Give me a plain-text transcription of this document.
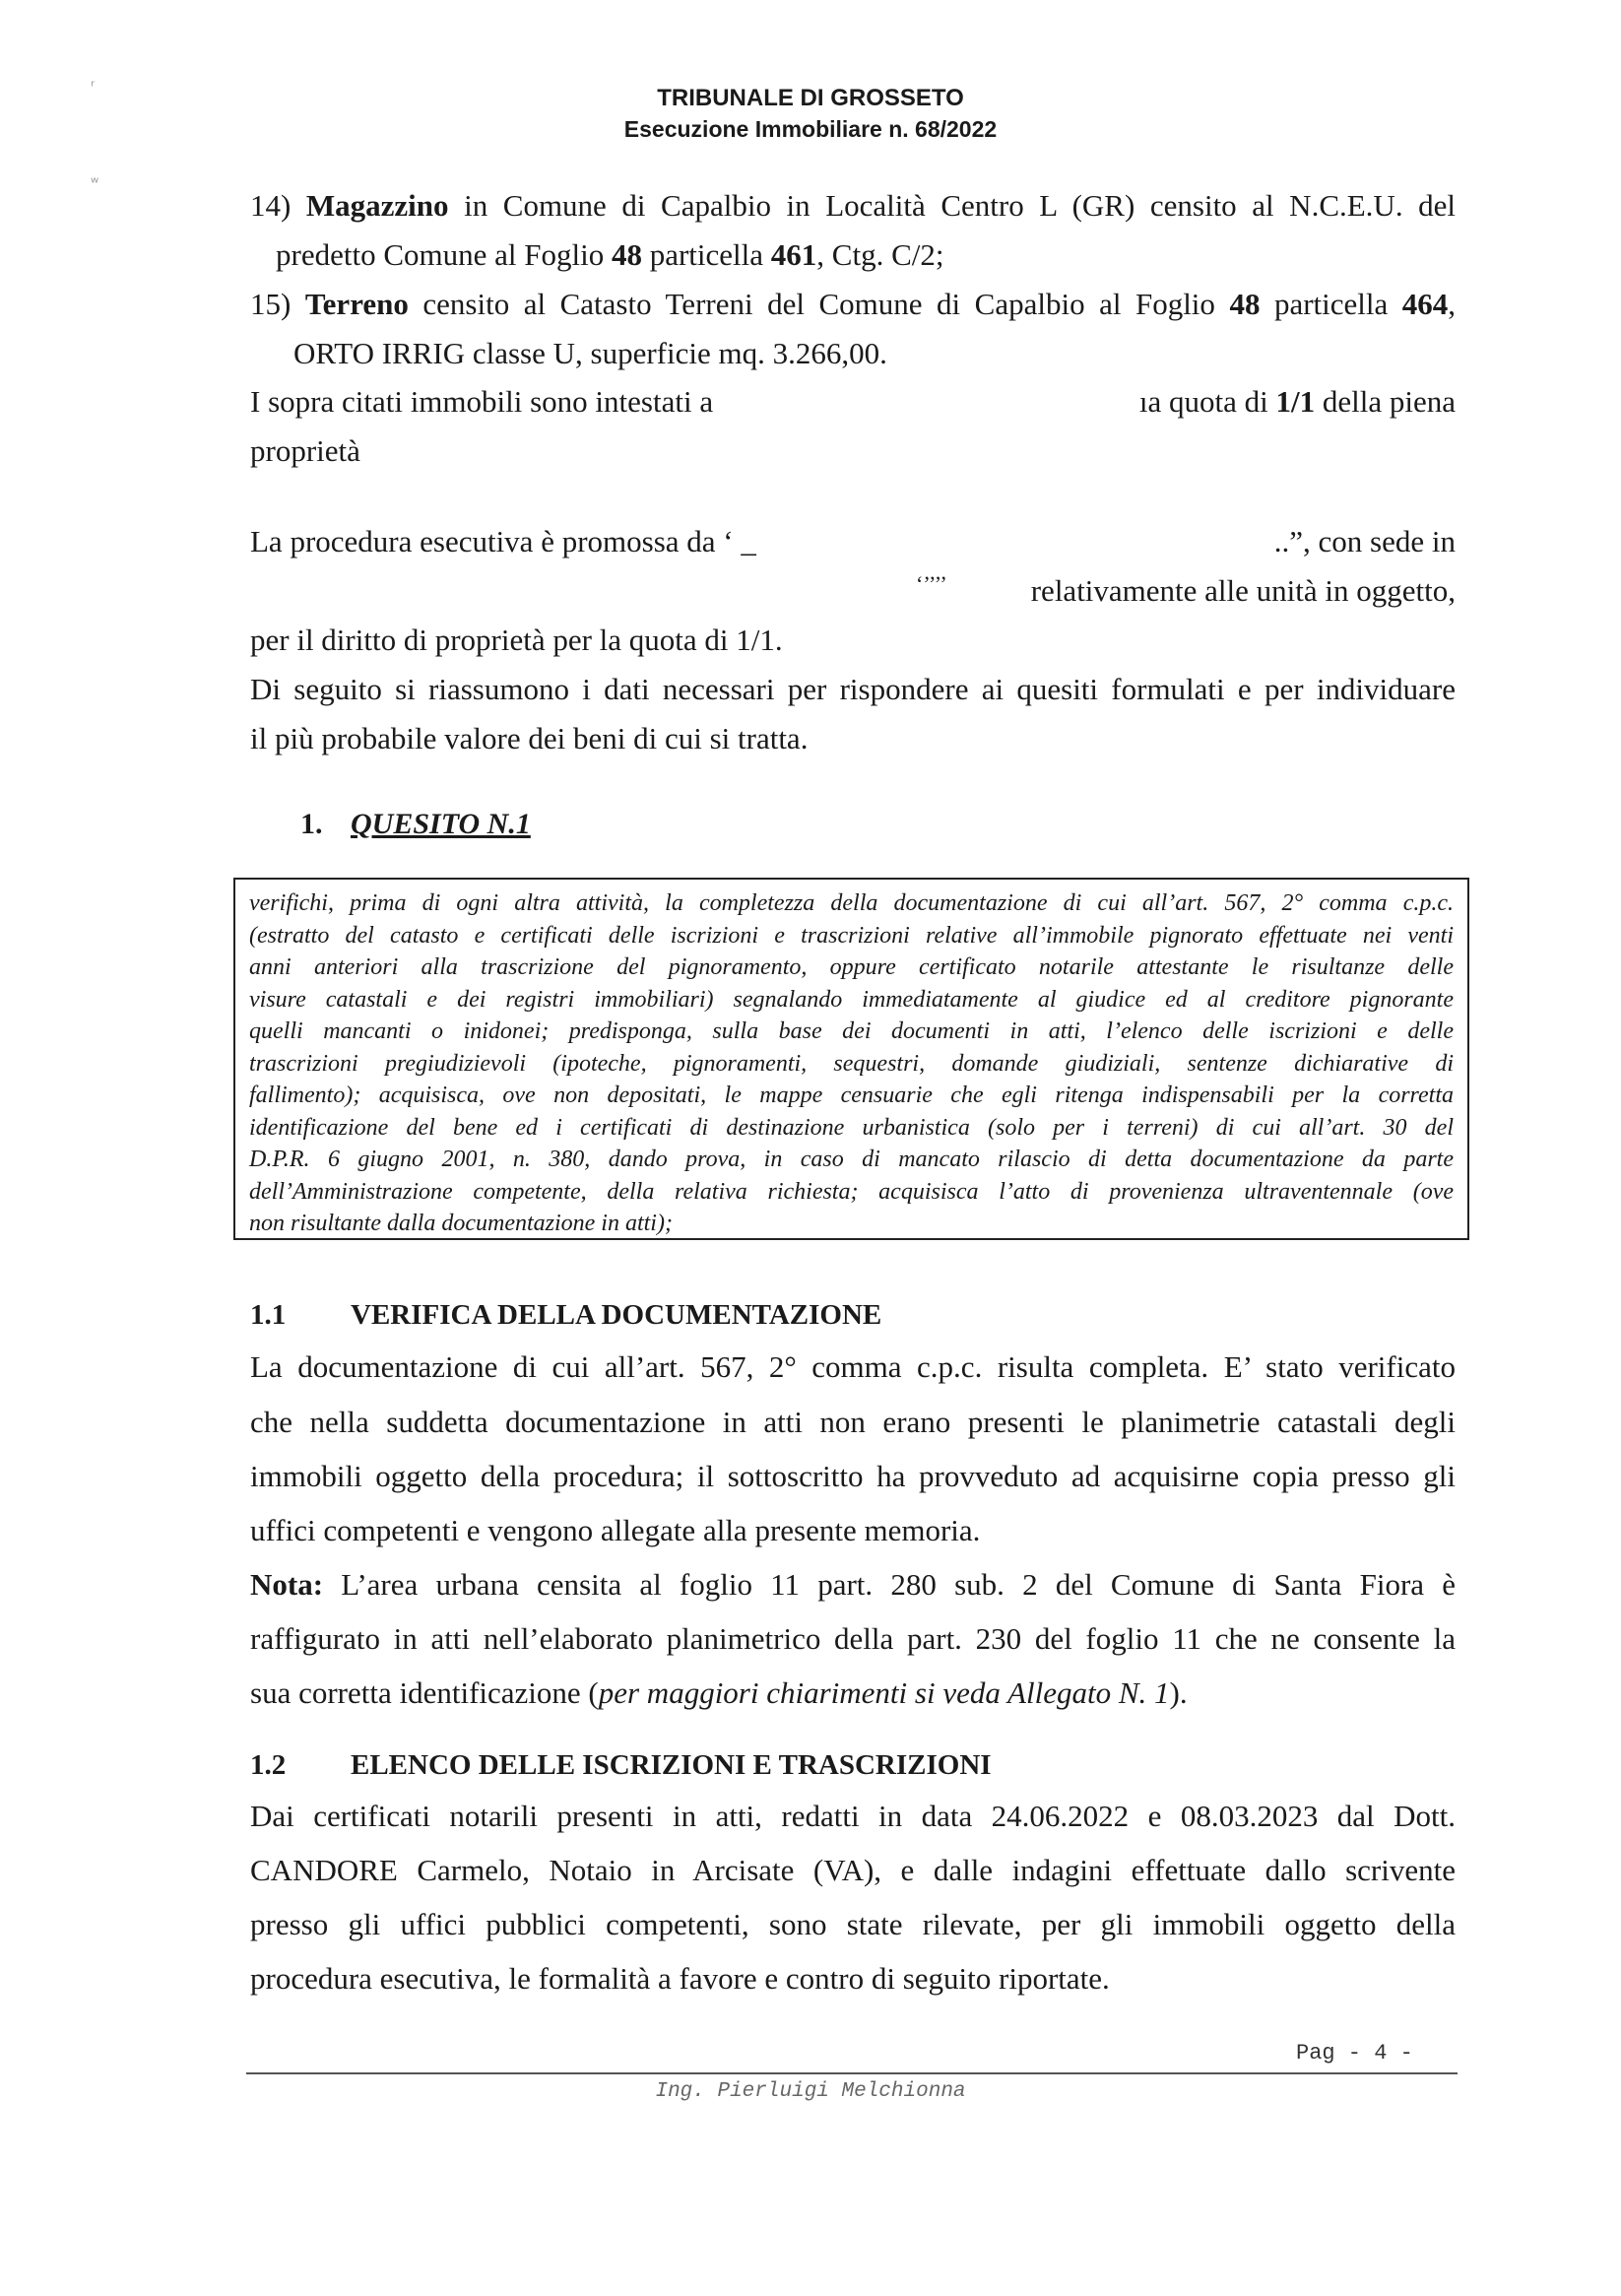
ʳ
ʷ
TRIBUNALE DI GROSSETO
Esecuzione Immobiliare n. 68/2022
14) Magazzino in Comune di Capalbio in Località Centro L (GR) censito al N.C.E.U. del
predetto Comune al Foglio 48 particella 461, Ctg. C/2;
15) Terreno censito al Catasto Terreni del Comune di Capalbio al Foglio 48 particella 464,
ORTO IRRIG classe U, superficie mq. 3.266,00.
I sopra citati immobili sono intestati a	ıa quota di 1/1 della piena
proprietà
La procedura esecutiva è promossa da ‘ _	..”, con sede in
‘’’’’	relativamente alle unità in oggetto,
per il diritto di proprietà per la quota di 1/1.
Di seguito si riassumono i dati necessari per rispondere ai quesiti formulati e per individuare
il più probabile valore dei beni di cui si tratta.
1. QUESITO N.1
verifichi, prima di ogni altra attività, la completezza della documentazione di cui all’art. 567, 2° comma c.p.c.
(estratto del catasto e certificati delle iscrizioni e trascrizioni relative all’immobile pignorato effettuate nei venti
anni anteriori alla trascrizione del pignoramento, oppure certificato notarile attestante le risultanze delle
visure catastali e dei registri immobiliari) segnalando immediatamente al giudice ed al creditore pignorante
quelli mancanti o inidonei; predisponga, sulla base dei documenti in atti, l’elenco delle iscrizioni e delle
trascrizioni pregiudizievoli (ipoteche, pignoramenti, sequestri, domande giudiziali, sentenze dichiarative di
fallimento); acquisisca, ove non depositati, le mappe censuarie che egli ritenga indispensabili per la corretta
identificazione del bene ed i certificati di destinazione urbanistica (solo per i terreni) di cui all’art. 30 del
D.P.R. 6 giugno 2001, n. 380, dando prova, in caso di mancato rilascio di detta documentazione da parte
dell’Amministrazione competente, della relativa richiesta; acquisisca l’atto di provenienza ultraventennale (ove
non risultante dalla documentazione in atti);
1.1 VERIFICA DELLA DOCUMENTAZIONE
La documentazione di cui all’art. 567, 2° comma c.p.c. risulta completa. E’ stato verificato
che nella suddetta documentazione in atti non erano presenti le planimetrie catastali degli
immobili oggetto della procedura; il sottoscritto ha provveduto ad acquisirne copia presso gli
uffici competenti e vengono allegate alla presente memoria.
Nota: L’area urbana censita al foglio 11 part. 280 sub. 2 del Comune di Santa Fiora è
raffigurato in atti nell’elaborato planimetrico della part. 230 del foglio 11 che ne consente la
sua corretta identificazione (per maggiori chiarimenti si veda Allegato N. 1).
1.2 ELENCO DELLE ISCRIZIONI E TRASCRIZIONI
Dai certificati notarili presenti in atti, redatti in data 24.06.2022 e 08.03.2023 dal Dott.
CANDORE Carmelo, Notaio in Arcisate (VA), e dalle indagini effettuate dallo scrivente
presso gli uffici pubblici competenti, sono state rilevate, per gli immobili oggetto della
procedura esecutiva, le formalità a favore e contro di seguito riportate.
Pag - 4 -
Ing. Pierluigi Melchionna
